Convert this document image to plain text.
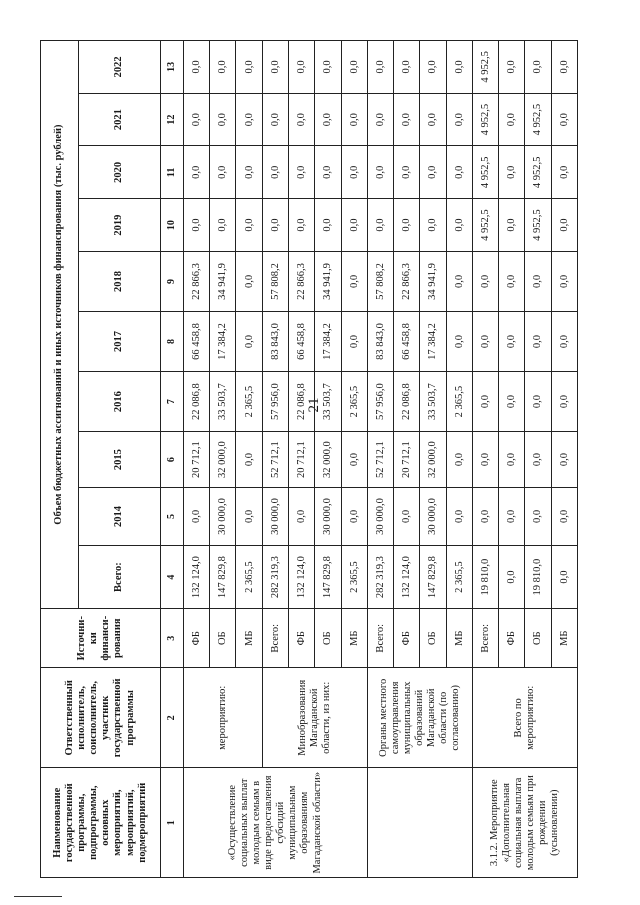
21
Наименование государственной программы, подпрограммы, основных мероприятий, мероприятий, подмероприятий	Ответственный исполнитель, соисполнитель, участник государственной программы	Источни-ки финанси-рования	Объем бюджетных ассигнований и иных источников финансирования (тыс. рублей)									
			Всего:	2014	2015	2016	2017	2018	2019	2020	2021	2022
1	2	3	4	5	6	7	8	9	10	11	12	13
«Осуществление социальных выплат молодым семьям в виде предоставления субсидий муниципальным образованиям Магаданской области»	мероприятию:	ФБ	132 124,0	0,0	20 712,1	22 086,8	66 458,8	22 866,3	0,0	0,0	0,0	0,0
		ОБ	147 829,8	30 000,0	32 000,0	33 503,7	17 384,2	34 941,9	0,0	0,0	0,0	0,0
		МБ	2 365,5	0,0	0,0	2 365,5	0,0	0,0	0,0	0,0	0,0	0,0
	Минобразования Магаданской области, из них:	Всего:	282 319,3	30 000,0	52 712,1	57 956,0	83 843,0	57 808,2	0,0	0,0	0,0	0,0
		ФБ	132 124,0	0,0	20 712,1	22 086,8	66 458,8	22 866,3	0,0	0,0	0,0	0,0
		ОБ	147 829,8	30 000,0	32 000,0	33 503,7	17 384,2	34 941,9	0,0	0,0	0,0	0,0
		МБ	2 365,5	0,0	0,0	2 365,5	0,0	0,0	0,0	0,0	0,0	0,0
	Органы местного самоуправления муниципальных образований Магаданской области (по согласованию)	Всего:	282 319,3	30 000,0	52 712,1	57 956,0	83 843,0	57 808,2	0,0	0,0	0,0	0,0
		ФБ	132 124,0	0,0	20 712,1	22 086,8	66 458,8	22 866,3	0,0	0,0	0,0	0,0
		ОБ	147 829,8	30 000,0	32 000,0	33 503,7	17 384,2	34 941,9	0,0	0,0	0,0	0,0
		МБ	2 365,5	0,0	0,0	2 365,5	0,0	0,0	0,0	0,0	0,0	0,0
3.1.2. Мероприятие «Дополнительная социальная выплата молодым семьям при рождении (усыновлении)	Всего по мероприятию:	Всего:	19 810,0	0,0	0,0	0,0	0,0	0,0	4 952,5	4 952,5	4 952,5	4 952,5
		ФБ	0,0	0,0	0,0	0,0	0,0	0,0	0,0	0,0	0,0	0,0
		ОБ	19 810,0	0,0	0,0	0,0	0,0	0,0	4 952,5	4 952,5	4 952,5	0,0
		МБ	0,0	0,0	0,0	0,0	0,0	0,0	0,0	0,0	0,0	0,0
